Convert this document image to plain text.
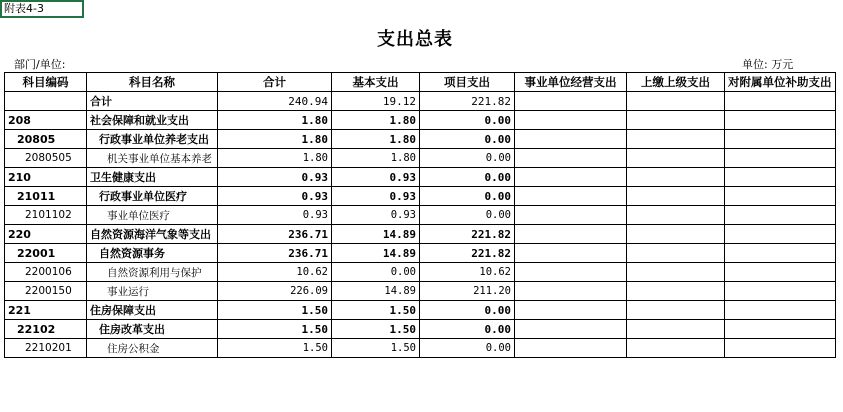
附表4-3
支出总表
部门/单位:	单位: 万元
科目编码	科目名称	合计	基本支出	项目支出	事业单位经营支出	上缴上级支出	对附属单位补助支出
	合计	240.94	19.12	221.82			
208	社会保障和就业支出	1.80	1.80	0.00			
20805	行政事业单位养老支出	1.80	1.80	0.00			
2080505	机关事业单位基本养老	1.80	1.80	0.00			
210	卫生健康支出	0.93	0.93	0.00			
21011	行政事业单位医疗	0.93	0.93	0.00			
2101102	事业单位医疗	0.93	0.93	0.00			
220	自然资源海洋气象等支出	236.71	14.89	221.82			
22001	自然资源事务	236.71	14.89	221.82			
2200106	自然资源利用与保护	10.62	0.00	10.62			
2200150	事业运行	226.09	14.89	211.20			
221	住房保障支出	1.50	1.50	0.00			
22102	住房改革支出	1.50	1.50	0.00			
2210201	住房公积金	1.50	1.50	0.00			
